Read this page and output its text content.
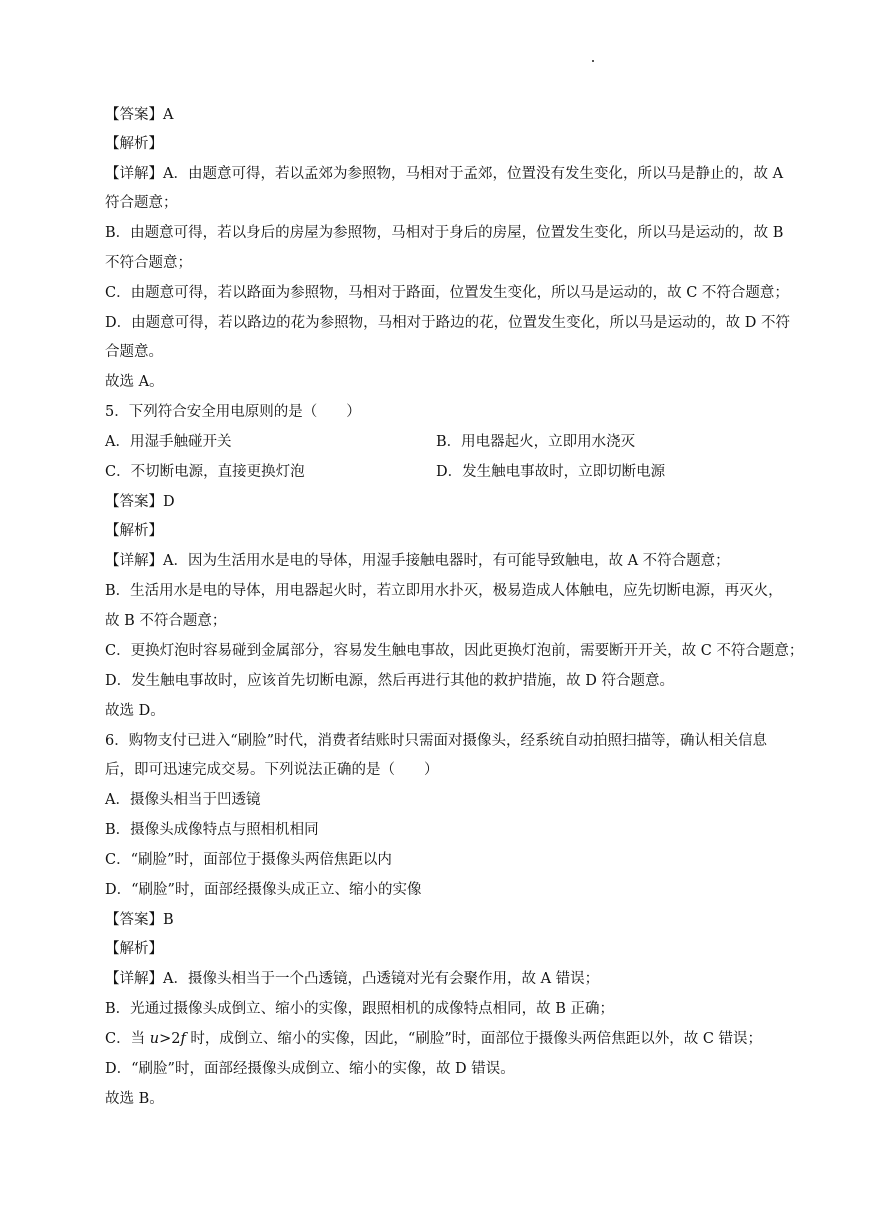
【答案】A
【解析】
【详解】A．由题意可得，若以孟郊为参照物，马相对于孟郊，位置没有发生变化，所以马是静止的，故 A
符合题意；
B．由题意可得，若以身后的房屋为参照物，马相对于身后的房屋，位置发生变化，所以马是运动的，故 B
不符合题意；
C．由题意可得，若以路面为参照物，马相对于路面，位置发生变化，所以马是运动的，故 C 不符合题意；
D．由题意可得，若以路边的花为参照物，马相对于路边的花，位置发生变化，所以马是运动的，故 D 不符
合题意。
故选 A。
5．下列符合安全用电原则的是（　　）
A．用湿手触碰开关	B．用电器起火，立即用水浇灭
C．不切断电源，直接更换灯泡	D．发生触电事故时，立即切断电源
【答案】D
【解析】
【详解】A．因为生活用水是电的导体，用湿手接触电器时，有可能导致触电，故 A 不符合题意；
B．生活用水是电的导体，用电器起火时，若立即用水扑灭，极易造成人体触电，应先切断电源，再灭火，
故 B 不符合题意；
C．更换灯泡时容易碰到金属部分，容易发生触电事故，因此更换灯泡前，需要断开开关，故 C 不符合题意；
D．发生触电事故时，应该首先切断电源，然后再进行其他的救护措施，故 D 符合题意。
故选 D。
6．购物支付已进入“刷脸”时代，消费者结账时只需面对摄像头，经系统自动拍照扫描等，确认相关信息
后，即可迅速完成交易。下列说法正确的是（　　）
A．摄像头相当于凹透镜
B．摄像头成像特点与照相机相同
C．“刷脸”时，面部位于摄像头两倍焦距以内
D．“刷脸”时，面部经摄像头成正立、缩小的实像
【答案】B
【解析】
【详解】A．摄像头相当于一个凸透镜，凸透镜对光有会聚作用，故 A 错误；
B．光通过摄像头成倒立、缩小的实像，跟照相机的成像特点相同，故 B 正确；
C．当 u>2f 时，成倒立、缩小的实像，因此，“刷脸”时，面部位于摄像头两倍焦距以外，故 C 错误；
D．“刷脸”时，面部经摄像头成倒立、缩小的实像，故 D 错误。
故选 B。
